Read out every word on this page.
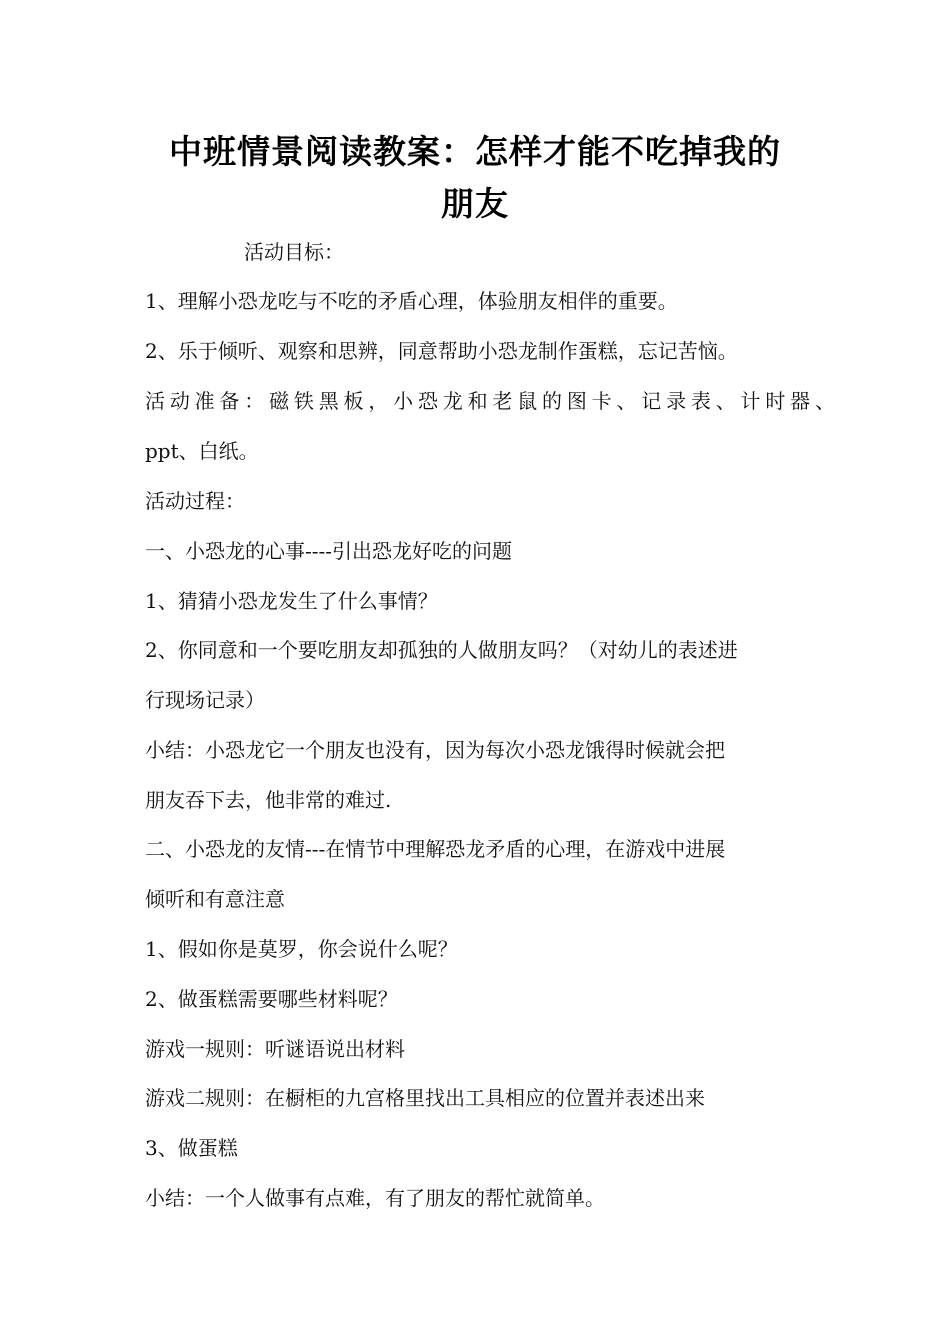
中班情景阅读教案：怎样才能不吃掉我的
朋友

活动目标：

1、理解小恐龙吃与不吃的矛盾心理，体验朋友相伴的重要。

2、乐于倾听、观察和思辨，同意帮助小恐龙制作蛋糕，忘记苦恼。

活动准备：磁铁黑板，小恐龙和老鼠的图卡、记录表、计时器、

ppt、白纸。

活动过程：

一、小恐龙的心事----引出恐龙好吃的问题

1、猜猜小恐龙发生了什么事情？

2、你同意和一个要吃朋友却孤独的人做朋友吗？（对幼儿的表述进

行现场记录）

小结：小恐龙它一个朋友也没有，因为每次小恐龙饿得时候就会把

朋友吞下去，他非常的难过.

二、小恐龙的友情---在情节中理解恐龙矛盾的心理，在游戏中进展

倾听和有意注意

1、假如你是莫罗，你会说什么呢？

2、做蛋糕需要哪些材料呢？

游戏一规则：听谜语说出材料

游戏二规则：在橱柜的九宫格里找出工具相应的位置并表述出来

3、做蛋糕

小结：一个人做事有点难，有了朋友的帮忙就简单。
